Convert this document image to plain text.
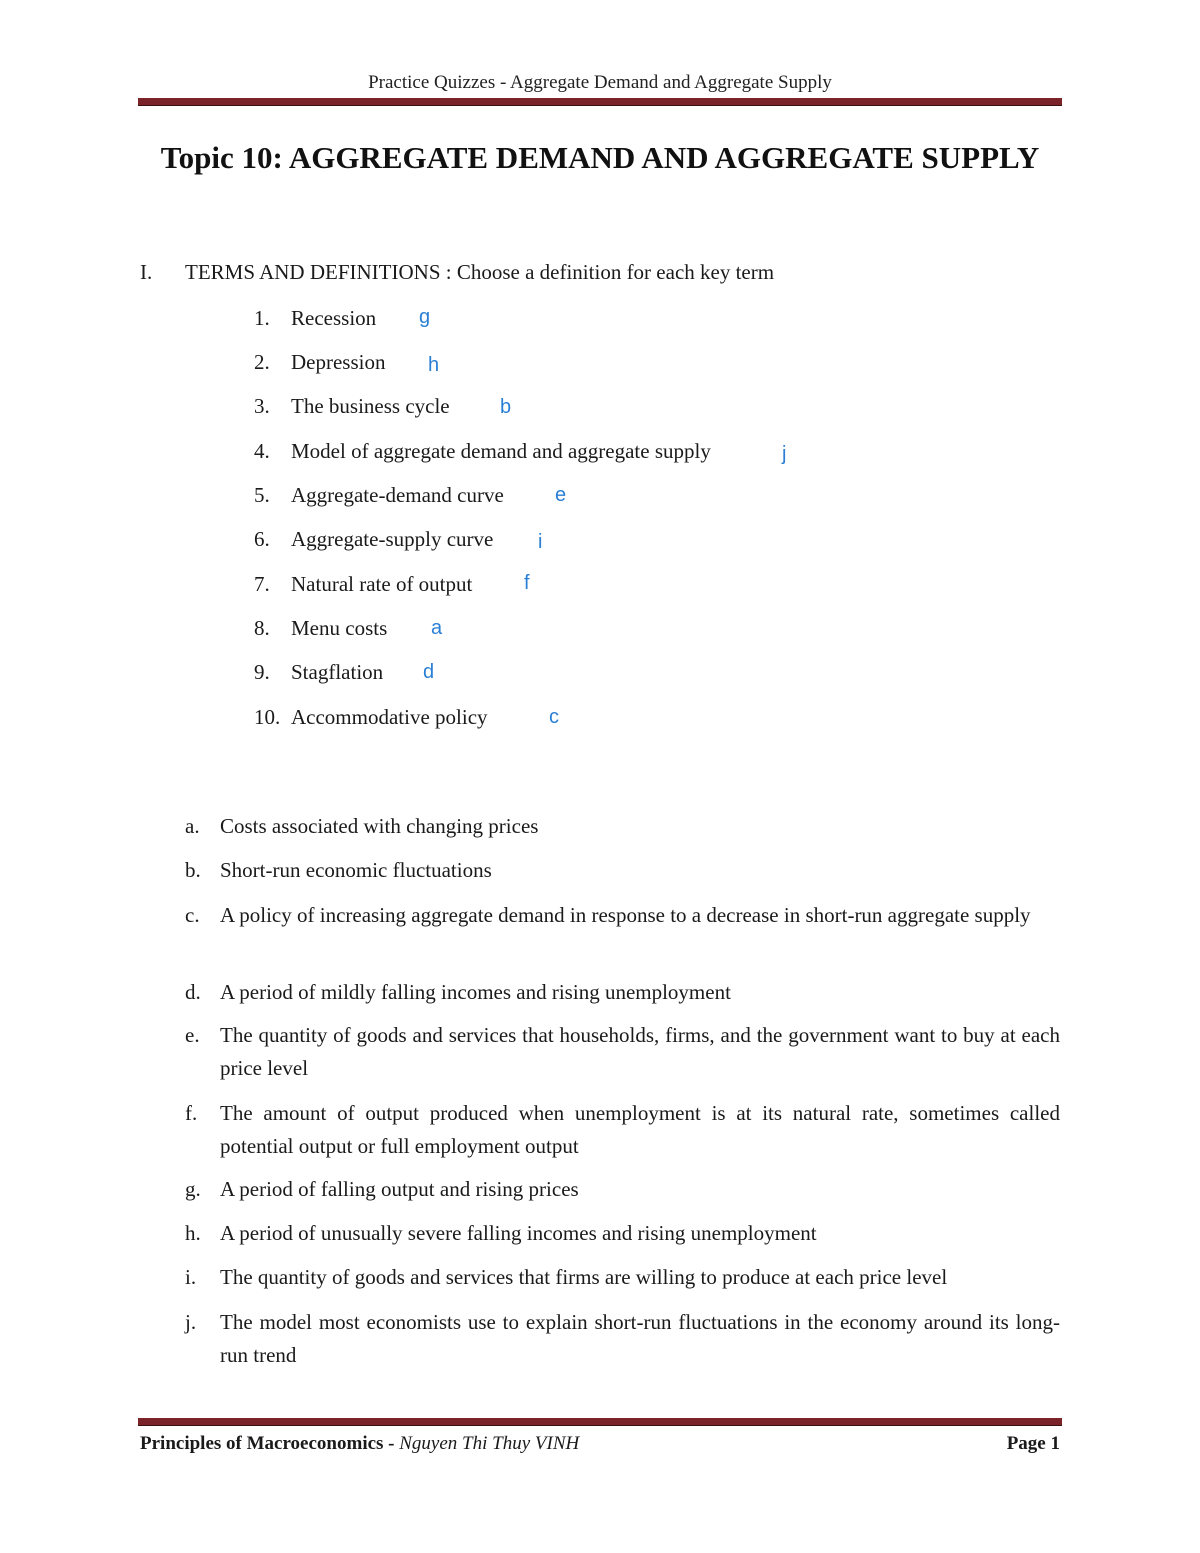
Practice Quizzes - Aggregate Demand and Aggregate Supply
Topic 10: AGGREGATE DEMAND AND AGGREGATE SUPPLY
I. TERMS AND DEFINITIONS : Choose a definition for each key term
1. Recession
2. Depression
3. The business cycle
4. Model of aggregate demand and aggregate supply
5. Aggregate-demand curve
6. Aggregate-supply curve
7. Natural rate of output
8. Menu costs
9. Stagflation
10. Accommodative policy
g
h
b
j
e
i
f
a
d
c
a. Costs associated with changing prices
b. Short-run economic fluctuations
c. A policy of increasing aggregate demand in response to a decrease in short-run aggregate supply
d. A period of mildly falling incomes and rising unemployment
e. The quantity of goods and services that households, firms, and the government want to buy at each price level
f. The amount of output produced when unemployment is at its natural rate, sometimes called potential output or full employment output
g. A period of falling output and rising prices
h. A period of unusually severe falling incomes and rising unemployment
i. The quantity of goods and services that firms are willing to produce at each price level
j. The model most economists use to explain short-run fluctuations in the economy around its long-run trend
Principles of Macroeconomics - Nguyen Thi Thuy VINH	Page 1
